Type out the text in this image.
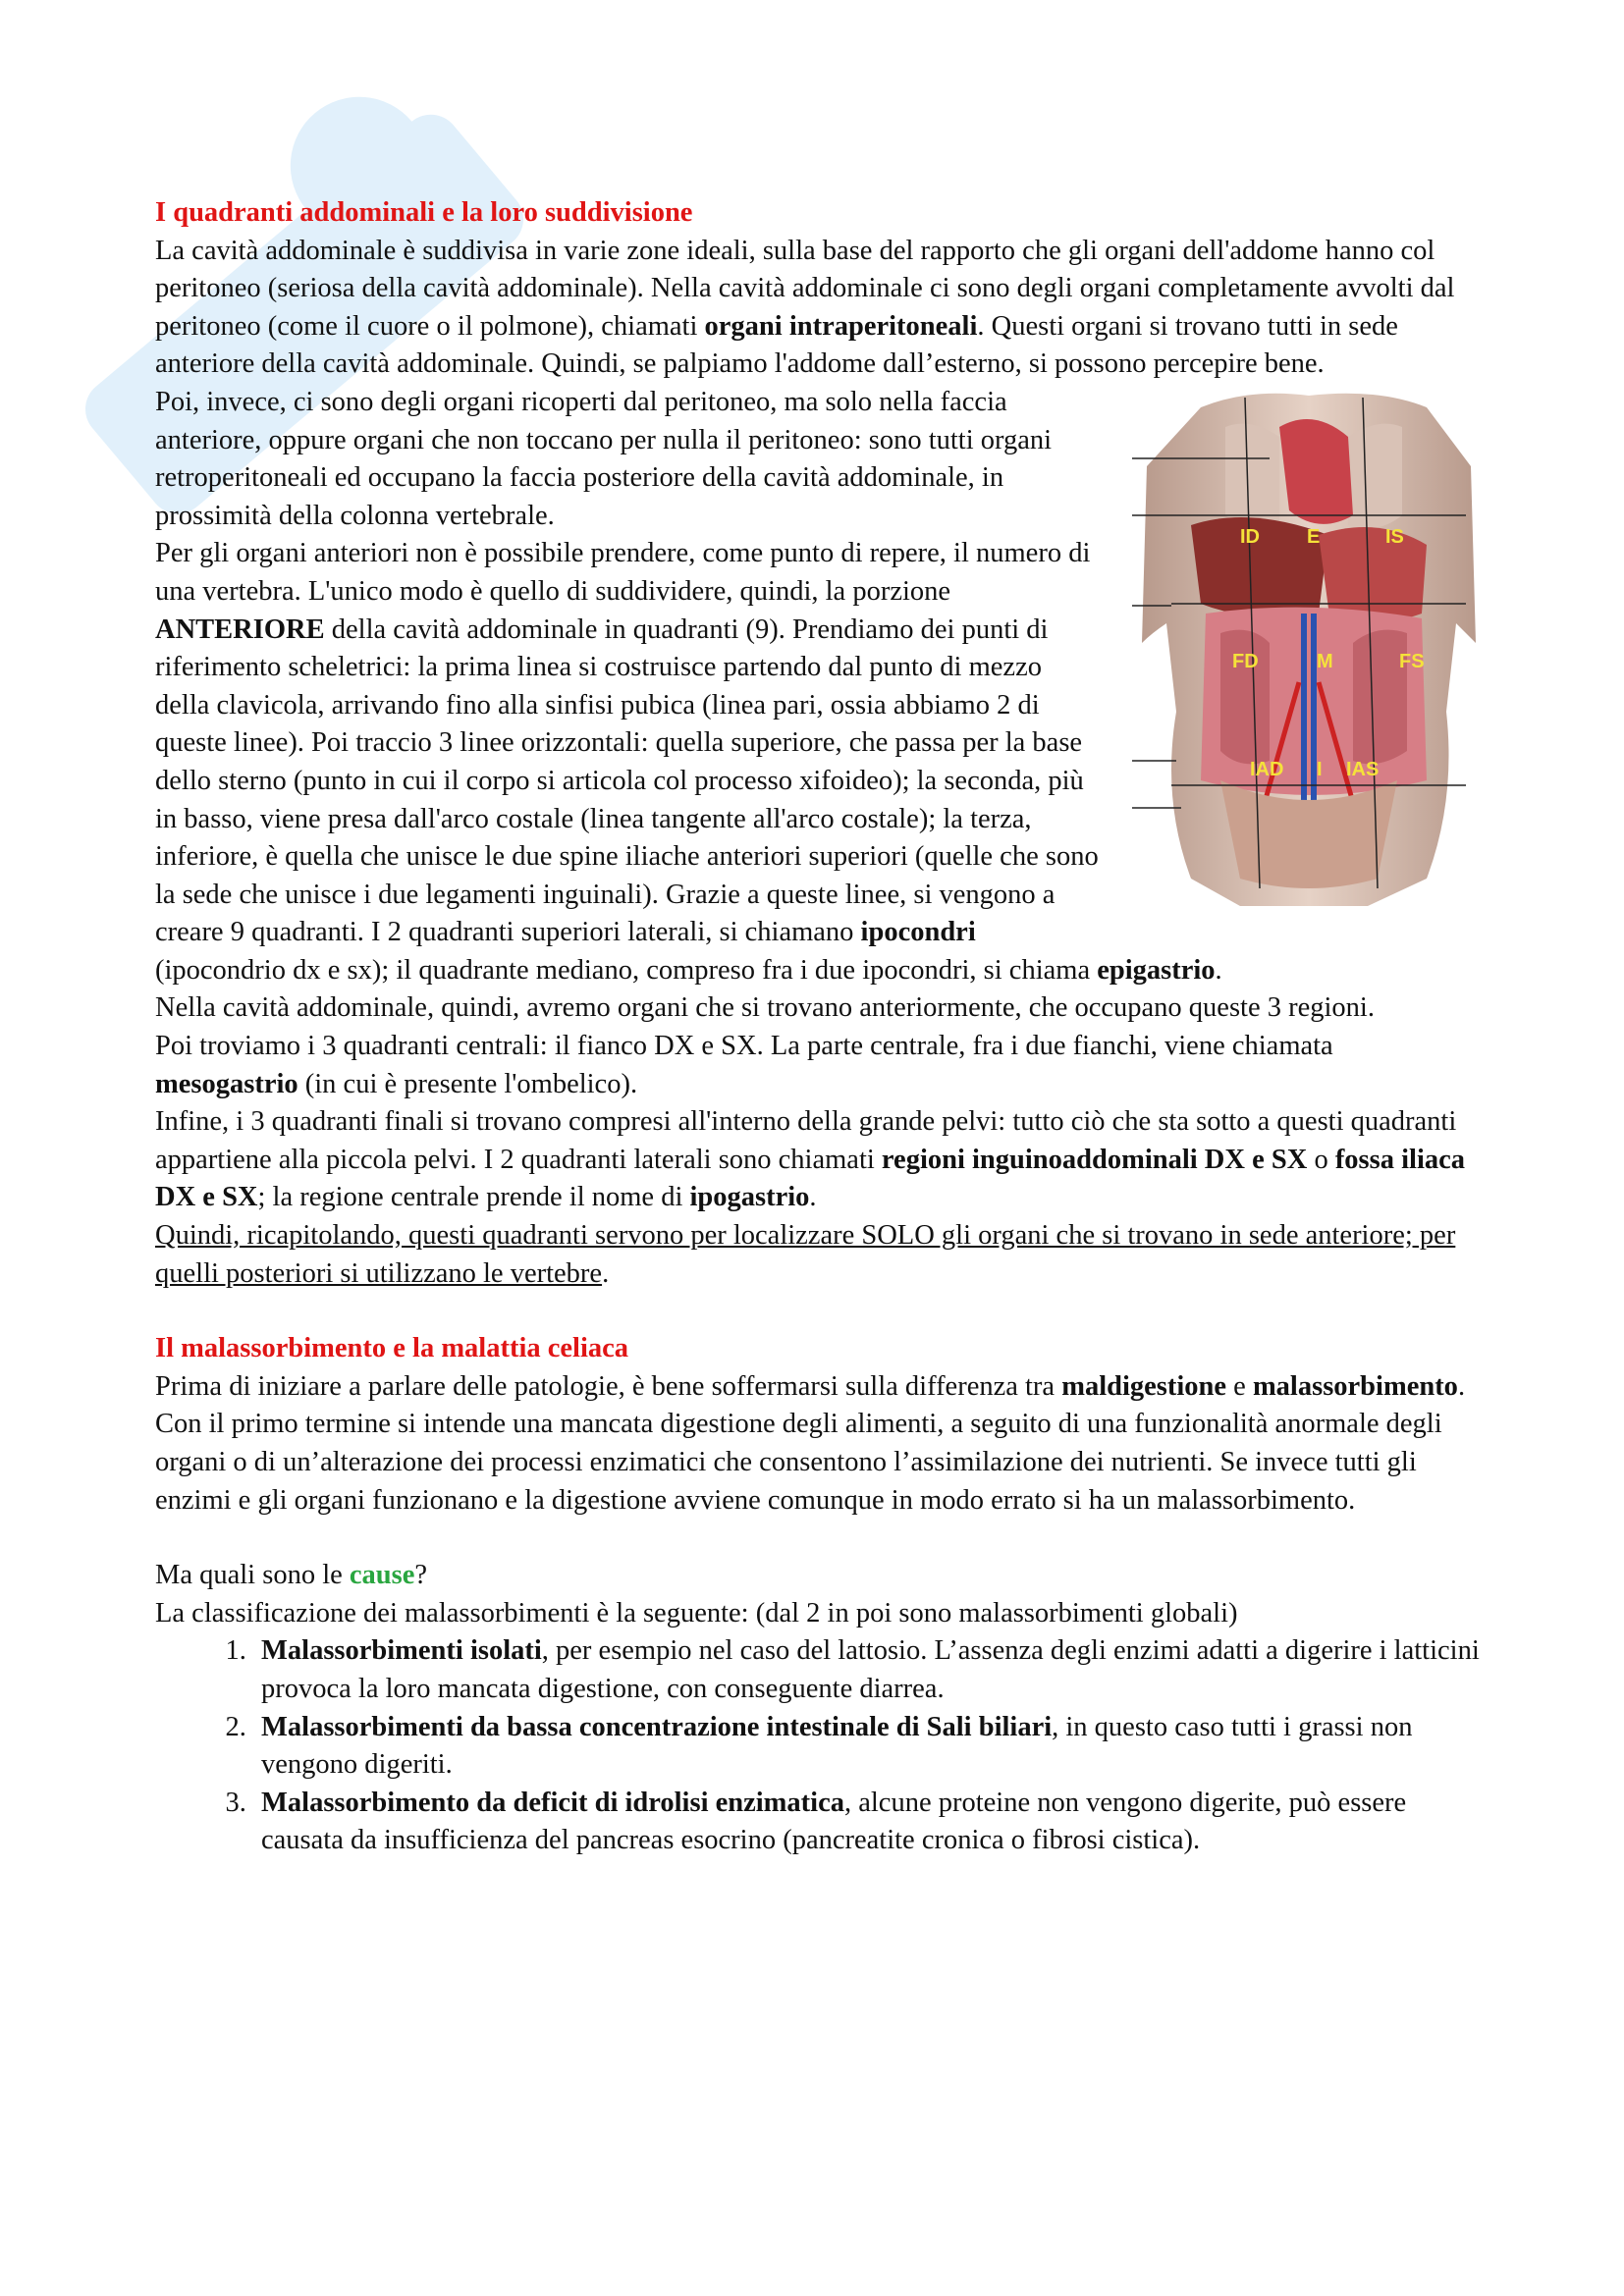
I quadranti addominali e la loro suddivisione

La cavità addominale è suddivisa in varie zone ideali, sulla base del rapporto che gli organi dell'addome hanno col peritoneo (seriosa della cavità addominale). Nella cavità addominale ci sono degli organi completamente avvolti dal peritoneo (come il cuore o il polmone), chiamati organi intraperitoneali. Questi organi si trovano tutti in sede anteriore della cavità addominale. Quindi, se palpiamo l'addome dall’esterno, si possono percepire bene.

ID E	IS
FD	M	FS
IAD I IAS

Poi, invece, ci sono degli organi ricoperti dal peritoneo, ma solo nella faccia anteriore, oppure organi che non toccano per nulla il peritoneo: sono tutti organi retroperitoneali ed occupano la faccia posteriore della cavità addominale, in prossimità della colonna vertebrale.

Per gli organi anteriori non è possibile prendere, come punto di repere, il numero di una vertebra. L'unico modo è quello di suddividere, quindi, la porzione ANTERIORE della cavità addominale in quadranti (9). Prendiamo dei punti di riferimento scheletrici: la prima linea si costruisce partendo dal punto di mezzo della clavicola, arrivando fino alla sinfisi pubica (linea pari, ossia abbiamo 2 di queste linee). Poi traccio 3 linee orizzontali: quella superiore, che passa per la base dello sterno (punto in cui il corpo si articola col processo xifoideo); la seconda, più in basso, viene presa dall'arco costale (linea tangente all'arco costale); la terza, inferiore, è quella che unisce le due spine iliache anteriori superiori (quelle che sono la sede che unisce i due legamenti inguinali). Grazie a queste linee, si vengono a creare 9 quadranti. I 2 quadranti superiori laterali, si chiamano ipocondri (ipocondrio dx e sx); il quadrante mediano, compreso fra i due ipocondri, si chiama epigastrio.

Nella cavità addominale, quindi, avremo organi che si trovano anteriormente, che occupano queste 3 regioni.

Poi troviamo i 3 quadranti centrali: il fianco DX e SX. La parte centrale, fra i due fianchi, viene chiamata mesogastrio (in cui è presente l'ombelico).

Infine, i 3 quadranti finali si trovano compresi all'interno della grande pelvi: tutto ciò che sta sotto a questi quadranti appartiene alla piccola pelvi. I 2 quadranti laterali sono chiamati regioni inguinoaddominali DX e SX o fossa iliaca DX e SX; la regione centrale prende il nome di ipogastrio.

Quindi, ricapitolando, questi quadranti servono per localizzare SOLO gli organi che si trovano in sede anteriore; per quelli posteriori si utilizzano le vertebre.

Il malassorbimento e la malattia celiaca

Prima di iniziare a parlare delle patologie, è bene soffermarsi sulla differenza tra maldigestione e malassorbimento. Con il primo termine si intende una mancata digestione degli alimenti, a seguito di una funzionalità anormale degli organi o di un’alterazione dei processi enzimatici che consentono l’assimilazione dei nutrienti. Se invece tutti gli enzimi e gli organi funzionano e la digestione avviene comunque in modo errato si ha un malassorbimento.

Ma quali sono le cause?

La classificazione dei malassorbimenti è la seguente: (dal 2 in poi sono malassorbimenti globali)

1. Malassorbimenti isolati, per esempio nel caso del lattosio. L’assenza degli enzimi adatti a digerire i latticini provoca la loro mancata digestione, con conseguente diarrea.
2. Malassorbimenti da bassa concentrazione intestinale di Sali biliari, in questo caso tutti i grassi non vengono digeriti.
3. Malassorbimento da deficit di idrolisi enzimatica, alcune proteine non vengono digerite, può essere causata da insufficienza del pancreas esocrino (pancreatite cronica o fibrosi cistica).
